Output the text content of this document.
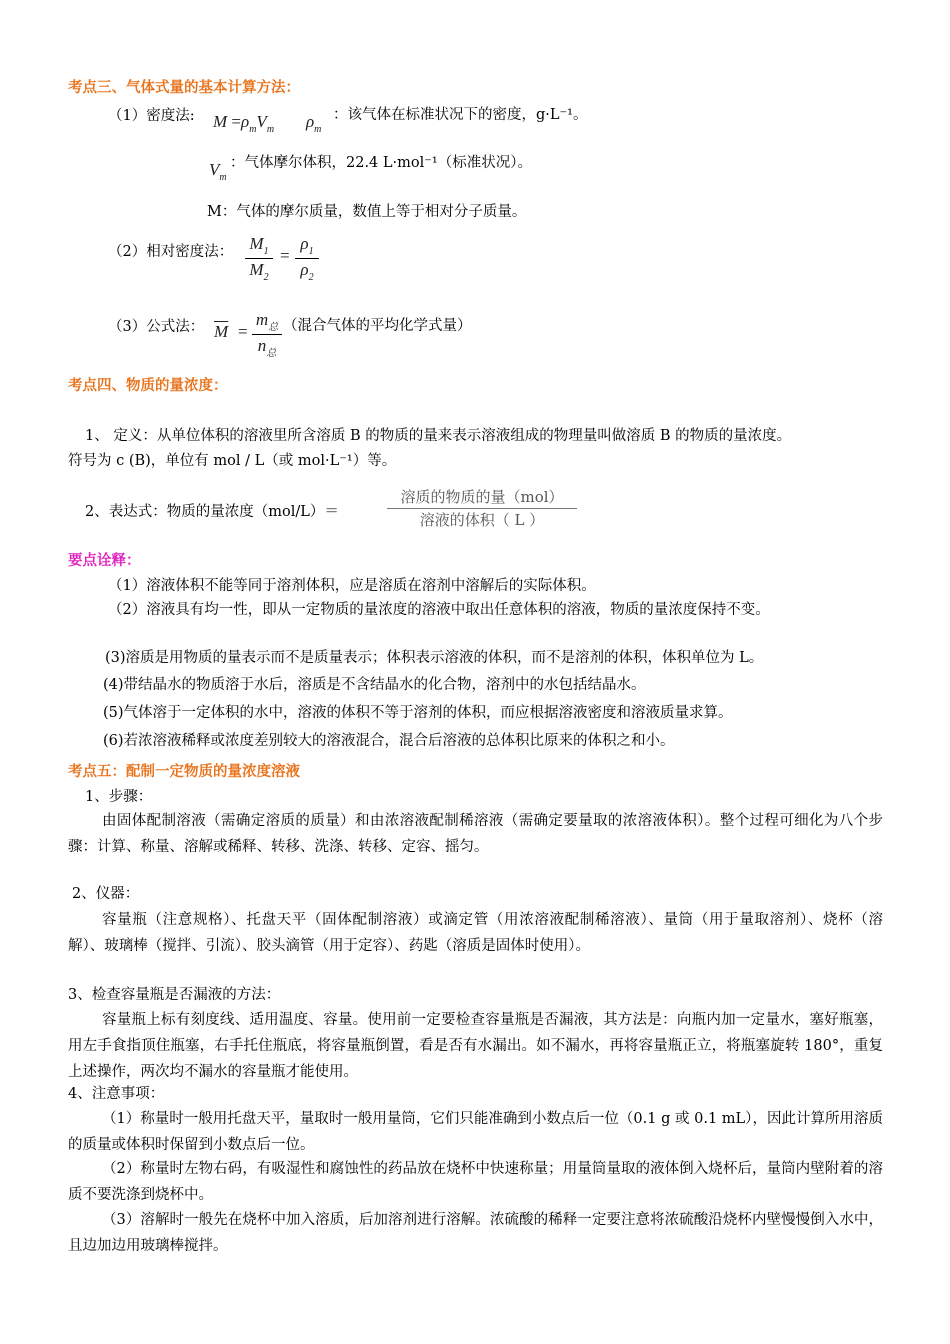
考点三、气体式量的基本计算方法：
（1）密度法: $M =\rho_mV_m$ $\rho_m$
：该气体在标准状况下的密度，g·L⁻¹。
$V_m$
：气体摩尔体积，22.4 L·mol⁻¹（标准状况）。
M：气体的摩尔质量，数值上等于相对分子质量。
（2）相对密度法： $M_1$
$M_2$
=
$\rho_1$
$\rho_2$
（3）公式法： $\overline{M}$ =
$m_总$
$n_总$
（混合气体的平均化学式量）
考点四、物质的量浓度：
1、 定义：从单位体积的溶液里所含溶质 B 的物质的量来表示溶液组成的物理量叫做溶质 B 的物质的量浓度。
符号为 c (B)，单位有 mol / L（或 mol·L⁻¹）等。
2、表达式：物质的量浓度（mol/L）＝
溶质的物质的量（mol）
溶液的体积（ L ）
要点诠释：
（1）溶液体积不能等同于溶剂体积，应是溶质在溶剂中溶解后的实际体积。
（2）溶液具有均一性，即从一定物质的量浓度的溶液中取出任意体积的溶液，物质的量浓度保持不变。
(3)溶质是用物质的量表示而不是质量表示；体积表示溶液的体积，而不是溶剂的体积，体积单位为 L。
(4)带结晶水的物质溶于水后，溶质是不含结晶水的化合物，溶剂中的水包括结晶水。
(5)气体溶于一定体积的水中，溶液的体积不等于溶剂的体积，而应根据溶液密度和溶液质量求算。
(6)若浓溶液稀释或浓度差别较大的溶液混合，混合后溶液的总体积比原来的体积之和小。
考点五：配制一定物质的量浓度溶液
1、步骤：
由固体配制溶液（需确定溶质的质量）和由浓溶液配制稀溶液（需确定要量取的浓溶液体积）。整个过程可细化为八个步骤：计算、称量、溶解或稀释、转移、洗涤、转移、定容、摇匀。
2、仪器：
容量瓶（注意规格）、托盘天平（固体配制溶液）或滴定管（用浓溶液配制稀溶液）、量筒（用于量取溶剂）、烧杯（溶解）、玻璃棒（搅拌、引流）、胶头滴管（用于定容）、药匙（溶质是固体时使用）。
3、检查容量瓶是否漏液的方法：
容量瓶上标有刻度线、适用温度、容量。使用前一定要检查容量瓶是否漏液，其方法是：向瓶内加一定量水，塞好瓶塞，用左手食指顶住瓶塞，右手托住瓶底，将容量瓶倒置，看是否有水漏出。如不漏水，再将容量瓶正立，将瓶塞旋转 180°，重复上述操作，两次均不漏水的容量瓶才能使用。
4、注意事项：
（1）称量时一般用托盘天平，量取时一般用量筒，它们只能准确到小数点后一位（0.1 g 或 0.1 mL），因此计算所用溶质的质量或体积时保留到小数点后一位。
（2）称量时左物右码，有吸湿性和腐蚀性的药品放在烧杯中快速称量；用量筒量取的液体倒入烧杯后，量筒内壁附着的溶质不要洗涤到烧杯中。
（3）溶解时一般先在烧杯中加入溶质，后加溶剂进行溶解。浓硫酸的稀释一定要注意将浓硫酸沿烧杯内壁慢慢倒入水中，且边加边用玻璃棒搅拌。
